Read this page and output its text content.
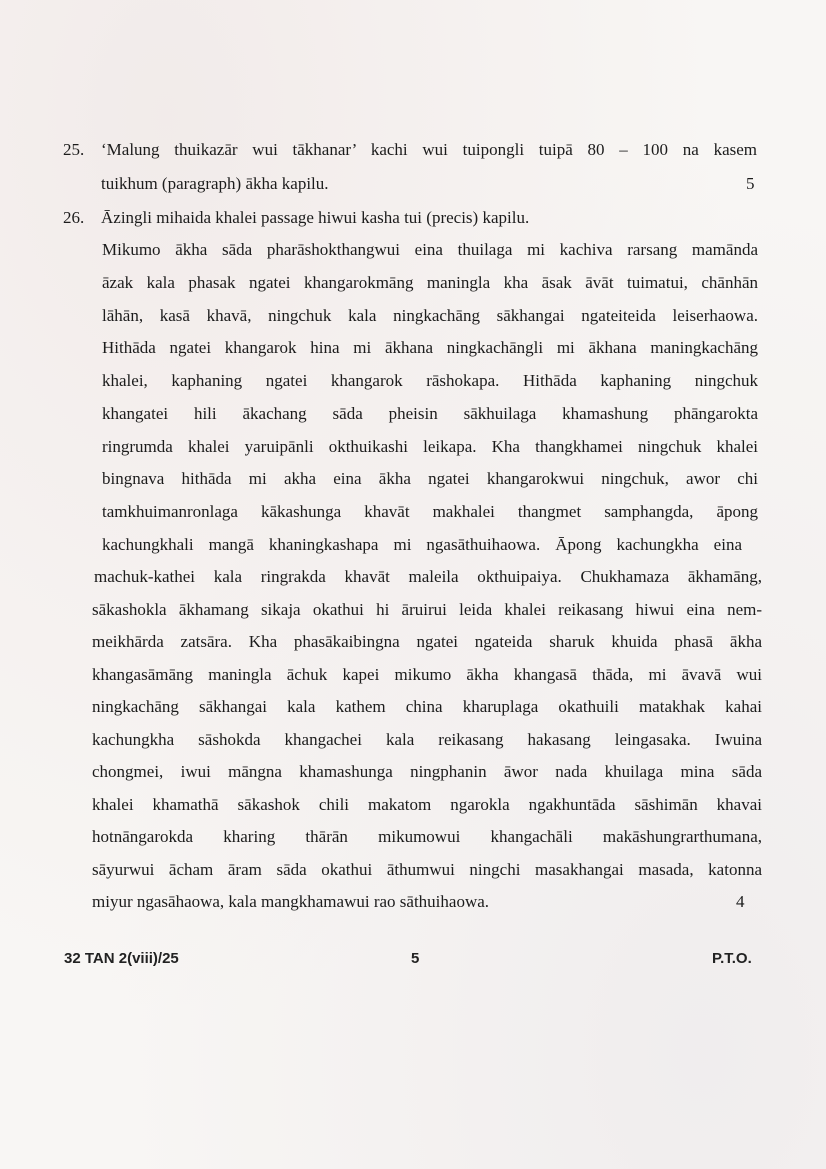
25. ‘Malung thuikazār wui tākhanar’ kachi wui tuipongli tuipā 80 – 100 na kasem
tuikhum (paragraph) ākha kapilu.	5
26. Āzingli mihaida khalei passage hiwui kasha tui (precis) kapilu.
Mikumo ākha sāda pharāshokthangwui eina thuilaga mi kachiva rarsang mamānda
āzak kala phasak ngatei khangarokmāng maningla kha āsak āvāt tuimatui, chānhān
lāhān, kasā khavā, ningchuk kala ningkachāng sākhangai ngateiteida leiserhaowa.
Hithāda ngatei khangarok hina mi ākhana ningkachāngli mi ākhana maningkachāng
khalei, kaphaning ngatei khangarok rāshokapa. Hithāda kaphaning ningchuk
khangatei hili ākachang sāda pheisin sākhuilaga khamashung phāngarokta
ringrumda khalei yaruipānli okthuikashi leikapa. Kha thangkhamei ningchuk khalei
bingnava hithāda mi akha eina ākha ngatei khangarokwui ningchuk, awor chi
tamkhuimanronlaga kākashunga khavāt makhalei thangmet samphangda, āpong
kachungkhali mangā khaningkashapa mi ngasāthuihaowa. Āpong kachungkha eina
machuk-kathei kala ringrakda khavāt maleila okthuipaiya. Chukhamaza ākhamāng,
sākashokla ākhamang sikaja okathui hi āruirui leida khalei reikasang hiwui eina nem-
meikhārda zatsāra. Kha phasākaibingna ngatei ngateida sharuk khuida phasā ākha
khangasāmāng maningla āchuk kapei mikumo ākha khangasā thāda, mi āvavā wui
ningkachāng sākhangai kala kathem china kharuplaga okathuili matakhak kahai
kachungkha sāshokda khangachei kala reikasang hakasang leingasaka. Iwuina
chongmei, iwui māngna khamashunga ningphanin āwor nada khuilaga mina sāda
khalei khamathā sākashok chili makatom ngarokla ngakhuntāda sāshimān khavai
hotnāngarokda kharing thārān mikumowui khangachāli makāshungrarthumana,
sāyurwui ācham āram sāda okathui āthumwui ningchi masakhangai masada, katonna
miyur ngasāhaowa, kala mangkhamawui rao sāthuihaowa.	4
32 TAN 2(viii)/25	5	P.T.O.
